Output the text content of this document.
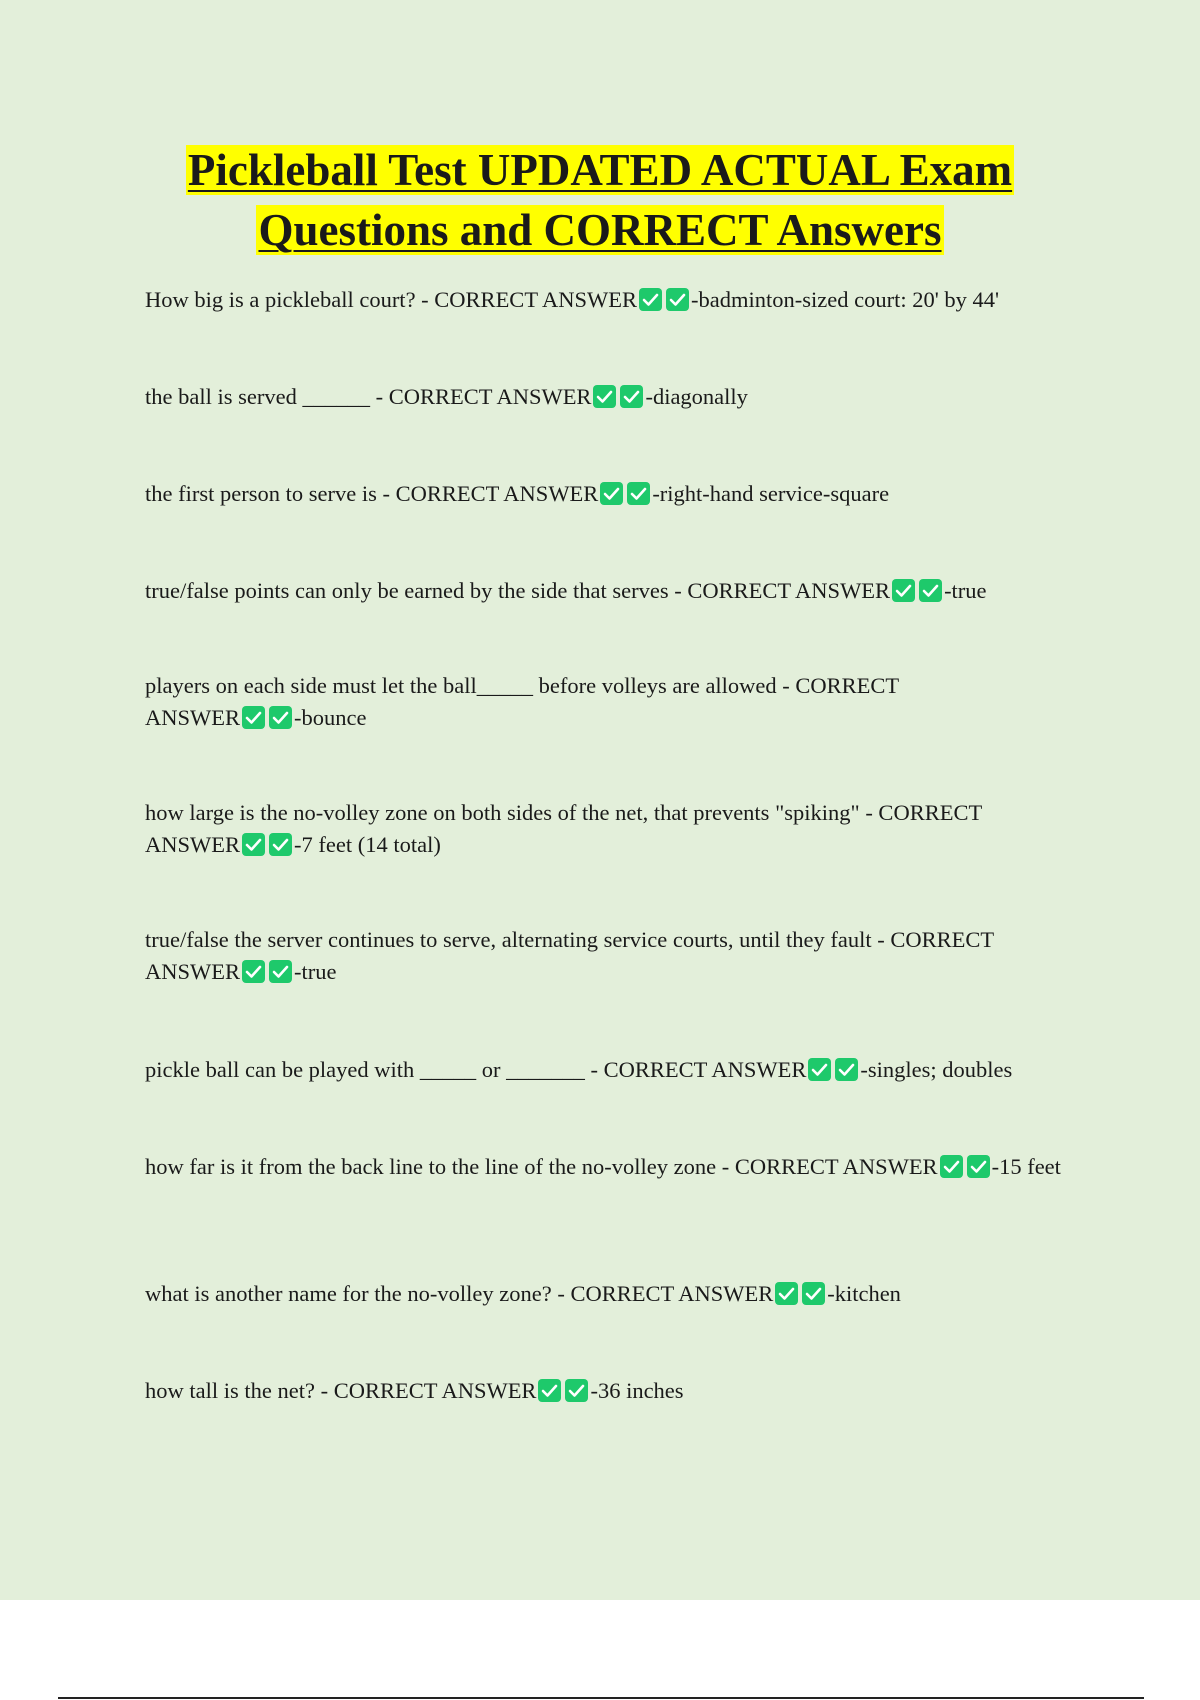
Pickleball Test UPDATED ACTUAL Exam
Questions and CORRECT Answers

How big is a pickleball court? - CORRECT ANSWER -badminton-sized court: 20' by 44'

the ball is served ______ - CORRECT ANSWER -diagonally

the first person to serve is - CORRECT ANSWER -right-hand service-square

true/false points can only be earned by the side that serves - CORRECT ANSWER -true

players on each side must let the ball_____ before volleys are allowed - CORRECT ANSWER -bounce

how large is the no-volley zone on both sides of the net, that prevents "spiking" - CORRECT ANSWER -7 feet (14 total)

true/false the server continues to serve, alternating service courts, until they fault - CORRECT ANSWER -true

pickle ball can be played with _____ or _______ - CORRECT ANSWER -singles; doubles

how far is it from the back line to the line of the no-volley zone - CORRECT ANSWER -15 feet

what is another name for the no-volley zone? - CORRECT ANSWER -kitchen

how tall is the net? - CORRECT ANSWER -36 inches
